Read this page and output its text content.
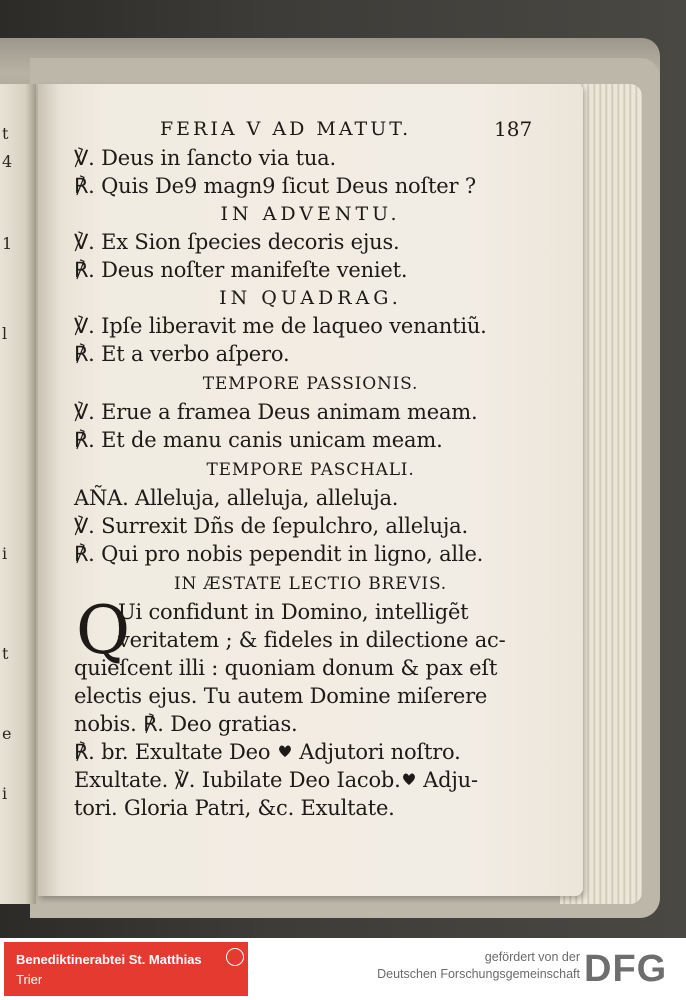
t
4
1
l
i
t
e
i
FERIA V AD MATUT.	187
℣. Deus in ſancto via tua.
℟. Quis De9 magn9 ſicut Deus noſter ?
IN ADVENTU.
℣. Ex Sion ſpecies decoris ejus.
℟. Deus noſter manifeſte veniet.
IN QUADRAG.
℣. Ipſe liberavit me de laqueo venantiũ.
℟. Et a verbo aſpero.
TEMPORE PASSIONIS.
℣. Erue a framea Deus animam meam.
℟. Et de manu canis unicam meam.
TEMPORE PASCHALI.
AÑA. Alleluja, alleluja, alleluja.
℣. Surrexit Dñs de ſepulchro, alleluja.
℟. Qui pro nobis pependit in ligno, alle.
IN ÆSTATE LECTIO BREVIS.
Q
Ui confidunt in Domino, intelligẽt
veritatem ; & fideles in dilectione ac-
quieſcent illi : quoniam donum & pax eſt
electis ejus. Tu autem Domine miſerere
nobis. ℟. Deo gratias.
℟. br. Exultate Deo Adjutori noſtro.
Exultate. ℣. Iubilate Deo Iacob. Adju-
tori. Gloria Patri, &c. Exultate.
Benediktinerabtei St. Matthias
Trier
gefördert von der
Deutschen Forschungsgemeinschaft DFG
